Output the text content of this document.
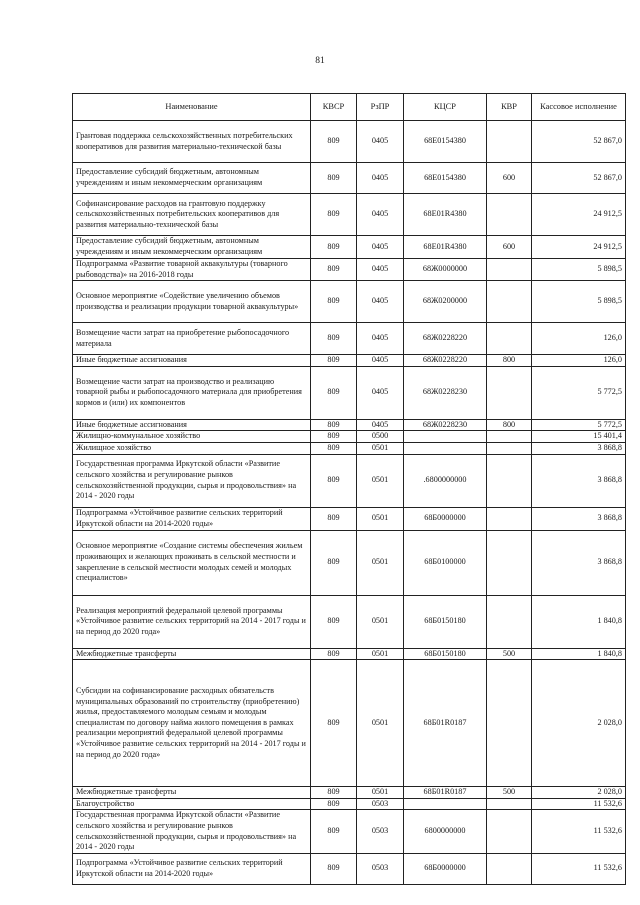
81
Наименование	КВСР	РзПР	КЦСР	КВР	Кассовое исполнение
Грантовая поддержка сельскохозяйственных потребительских кооперативов для развития материально-технической базы	809	0405	68Е0154380		52 867,0
Предоставление субсидий бюджетным, автономным учреждениям и иным некоммерческим организациям	809	0405	68Е0154380	600	52 867,0
Софинансирование расходов на грантовую поддержку сельскохозяйственных потребительских кооперативов для развития материально-технической базы	809	0405	68Е01R4380		24 912,5
Предоставление субсидий бюджетным, автономным учреждениям и иным некоммерческим организациям	809	0405	68Е01R4380	600	24 912,5
Подпрограмма «Развитие товарной аквакультуры (товарного рыбоводства)» на 2016-2018 годы	809	0405	68Ж0000000		5 898,5
Основное мероприятие «Содействие увеличению объемов производства и реализации продукции товарной аквакультуры»	809	0405	68Ж0200000		5 898,5
Возмещение части затрат на приобретение рыбопосадочного материала	809	0405	68Ж0228220		126,0
Иные бюджетные ассигнования	809	0405	68Ж0228220	800	126,0
Возмещение части затрат на производство и реализацию товарной рыбы и рыбопосадочного материала для приобретения кормов и (или) их компонентов	809	0405	68Ж0228230		5 772,5
Иные бюджетные ассигнования	809	0405	68Ж0228230	800	5 772,5
Жилищно-коммунальное хозяйство	809	0500			15 401,4
Жилищное хозяйство	809	0501			3 868,8
Государственная программа Иркутской области «Развитие сельского хозяйства и регулирование рынков сельскохозяйственной продукции, сырья и продовольствия» на 2014 - 2020 годы	809	0501	.6800000000		3 868,8
Подпрограмма «Устойчивое развитие сельских территорий Иркутской области на 2014-2020 годы»	809	0501	68Б0000000		3 868,8
Основное мероприятие «Создание системы обеспечения жильем проживающих и желающих проживать в сельской местности и закрепление в сельской местности молодых семей и молодых специалистов»	809	0501	68Б0100000		3 868,8
Реализация мероприятий федеральной целевой программы «Устойчивое развитие сельских территорий на 2014 - 2017 годы и на период до 2020 года»	809	0501	68Б0150180		1 840,8
Межбюджетные трансферты	809	0501	68Б0150180	500	1 840,8
Субсидии на софинансирование расходных обязательств муниципальных образований по строительству (приобретению) жилья, предоставляемого молодым семьям и молодым специалистам по договору найма жилого помещения в рамках реализации мероприятий федеральной целевой программы «Устойчивое развитие сельских территорий на 2014 - 2017 годы и на период до 2020 года»	809	0501	68Б01R0187		2 028,0
Межбюджетные трансферты	809	0501	68Б01R0187	500	2 028,0
Благоустройство	809	0503			11 532,6
Государственная программа Иркутской области «Развитие сельского хозяйства и регулирование рынков сельскохозяйственной продукции, сырья и продовольствия» на 2014 - 2020 годы	809	0503	6800000000		11 532,6
Подпрограмма «Устойчивое развитие сельских территорий Иркутской области на 2014-2020 годы»	809	0503	68Б0000000		11 532,6
